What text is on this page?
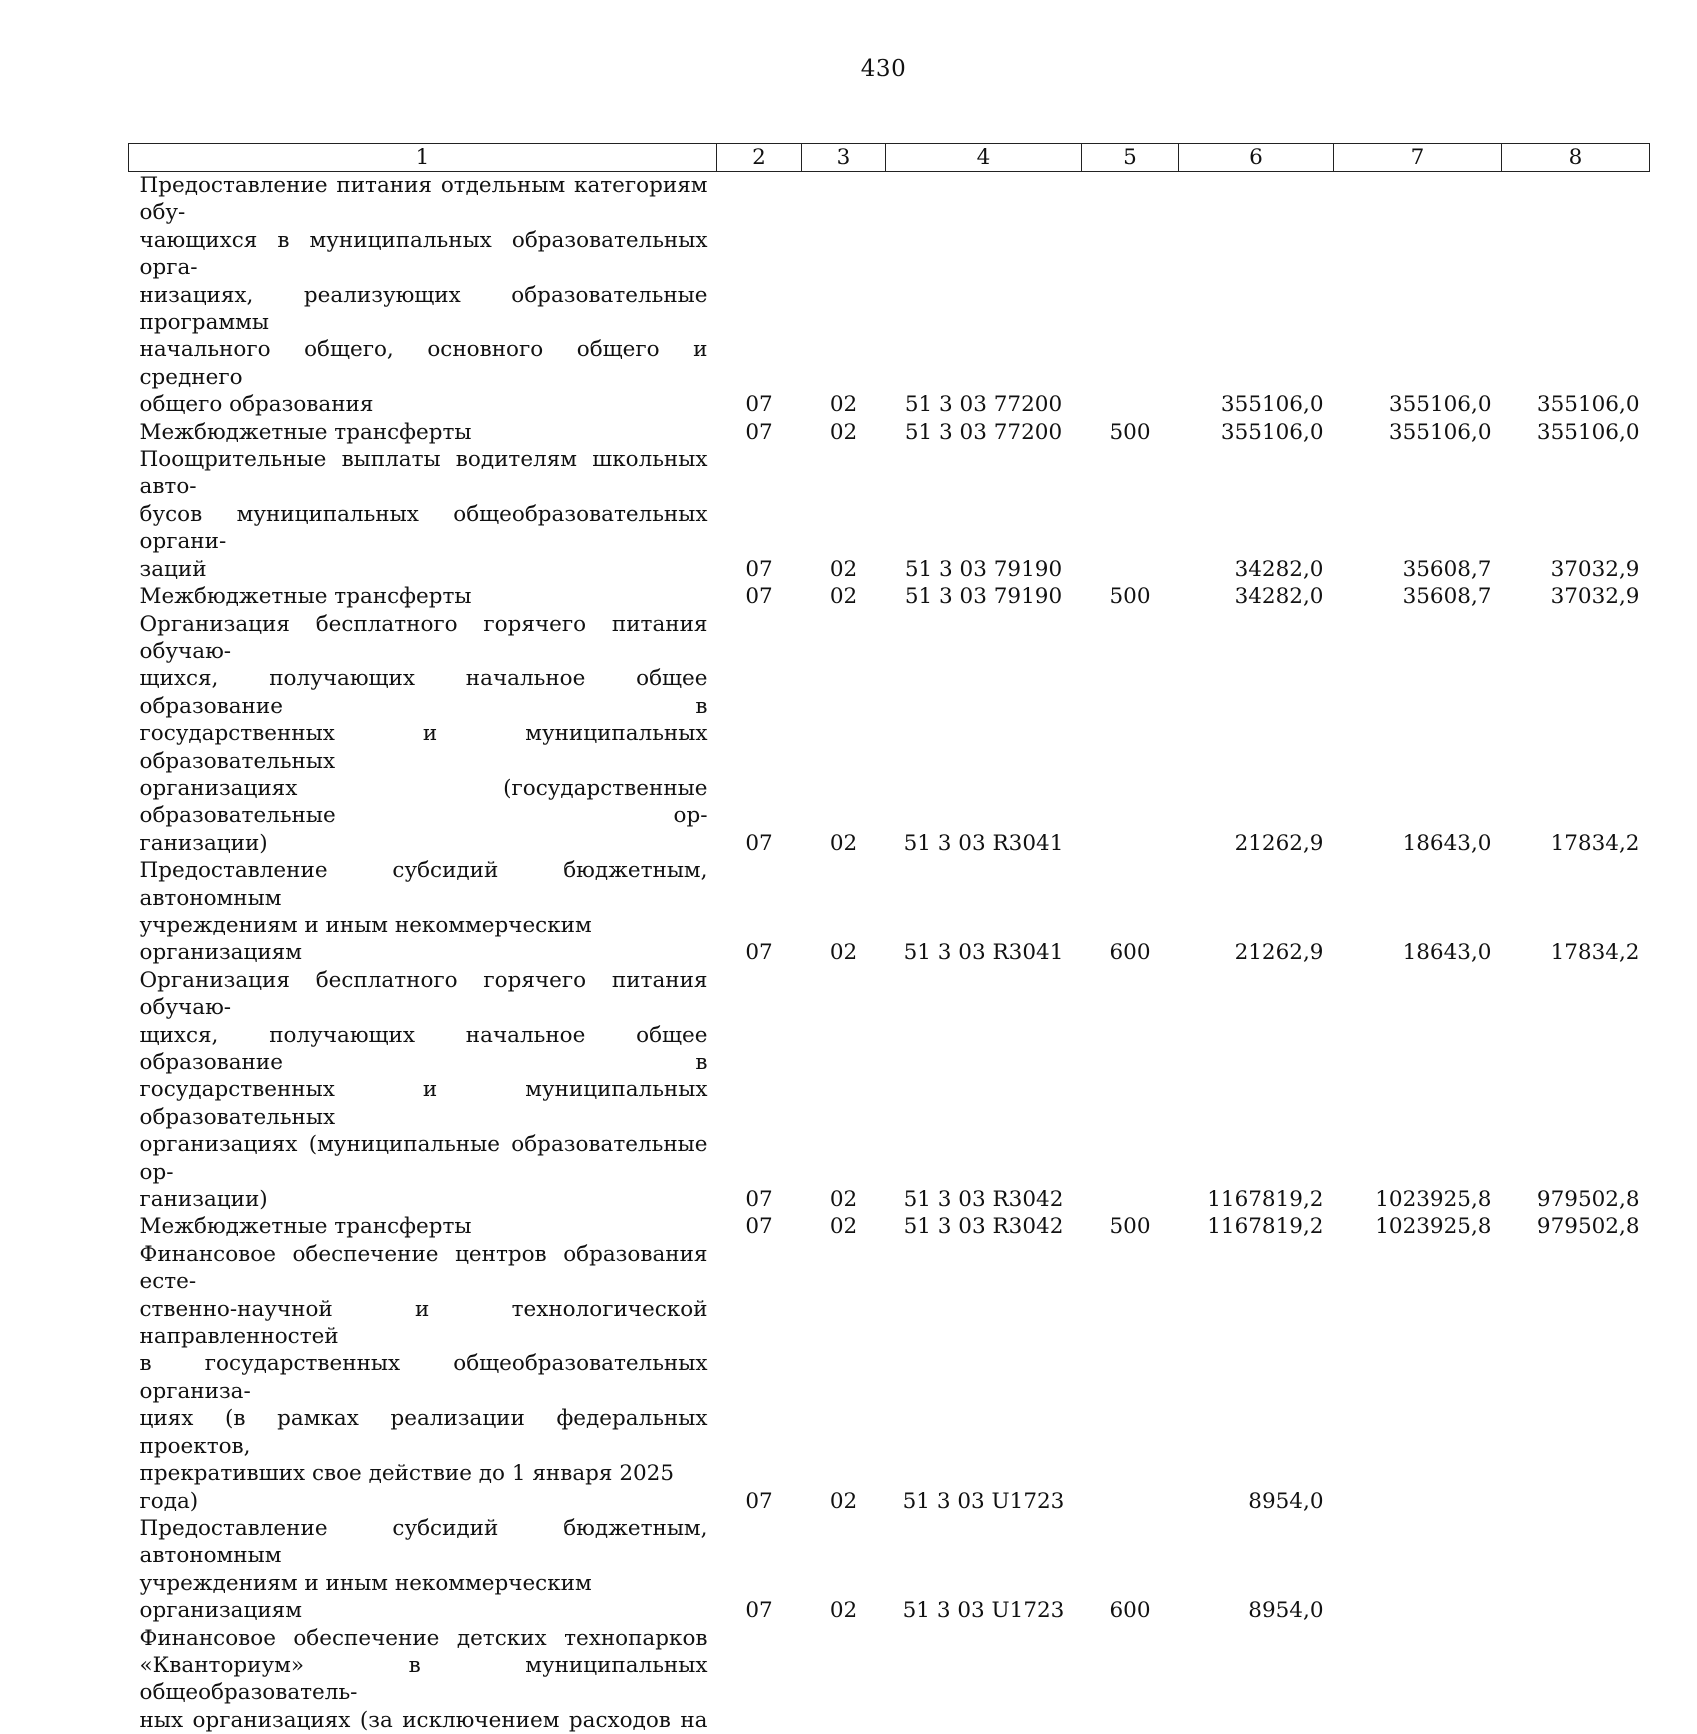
430
1	2	3	4	5	6	7	8

Предоставление питания отдельным категориям обу-
чающихся в муниципальных образовательных орга-
низациях, реализующих образовательные программы
начального общего, основного общего и среднего
общего образования	07	02	51 3 03 77200		355106,0	355106,0	355106,0

Межбюджетные трансферты	07	02	51 3 03 77200	500	355106,0	355106,0	355106,0

Поощрительные выплаты водителям школьных авто-
бусов муниципальных общеобразовательных органи-
заций	07	02	51 3 03 79190		34282,0	35608,7	37032,9

Межбюджетные трансферты	07	02	51 3 03 79190	500	34282,0	35608,7	37032,9

Организация бесплатного горячего питания обучаю-
щихся, получающих начальное общее образование в
государственных и муниципальных образовательных
организациях (государственные образовательные ор-
ганизации)	07	02	51 3 03 R3041		21262,9	18643,0	17834,2

Предоставление субсидий бюджетным, автономным
учреждениям и иным некоммерческим организациям	07	02	51 3 03 R3041	600	21262,9	18643,0	17834,2

Организация бесплатного горячего питания обучаю-
щихся, получающих начальное общее образование в
государственных и муниципальных образовательных
организациях (муниципальные образовательные ор-
ганизации)	07	02	51 3 03 R3042		1167819,2	1023925,8	979502,8

Межбюджетные трансферты	07	02	51 3 03 R3042	500	1167819,2	1023925,8	979502,8

Финансовое обеспечение центров образования есте-
ственно-научной и технологической направленностей
в государственных общеобразовательных организа-
циях (в рамках реализации федеральных проектов,
прекративших свое действие до 1 января 2025 года)	07	02	51 3 03 U1723		8954,0		

Предоставление субсидий бюджетным, автономным
учреждениям и иным некоммерческим организациям	07	02	51 3 03 U1723	600	8954,0		

Финансовое обеспечение детских технопарков
«Кванториум» в муниципальных общеобразователь-
ных организациях (за исключением расходов на							
